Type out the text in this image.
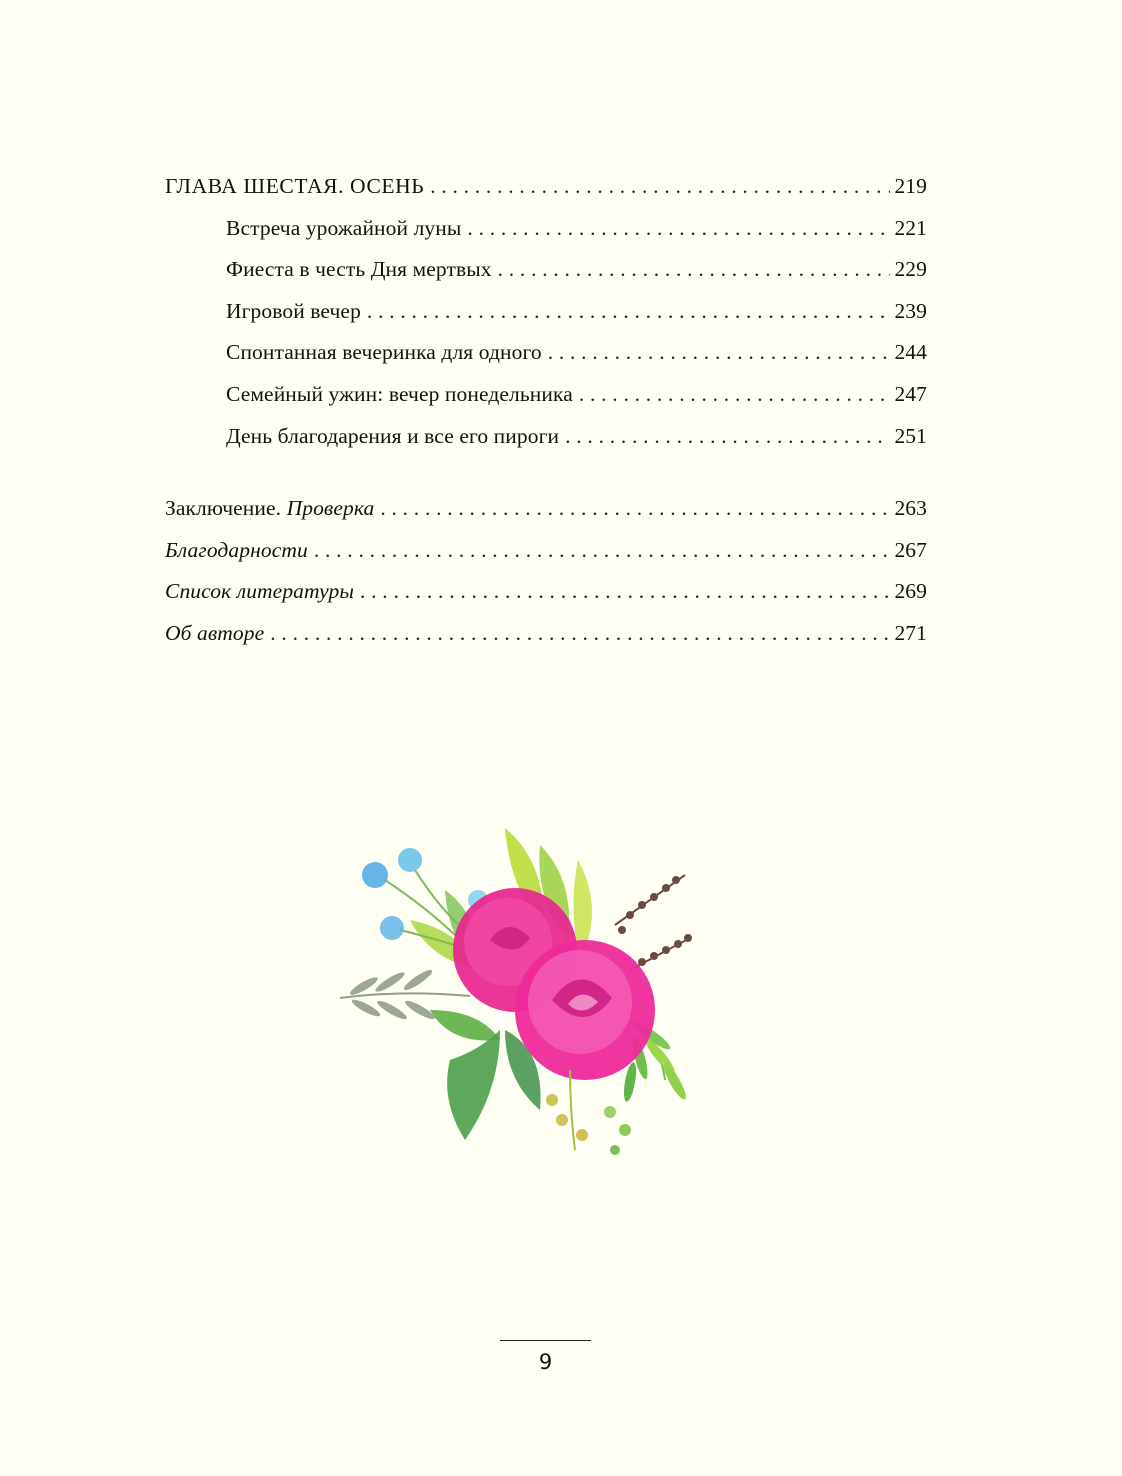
ГЛАВА ШЕСТАЯ. ОСЕНЬ . . .	219
Встреча урожайной луны . . .	221
Фиеста в честь Дня мертвых . . .	229
Игровой вечер . . .	239
Спонтанная вечеринка для одного . . .	244
Семейный ужин: вечер понедельника . . .	247
День благодарения и все его пироги . . .	251
Заключение. Проверка . . .	263
Благодарности . . .	267
Список литературы . . .	269
Об авторе . . .	271
9
